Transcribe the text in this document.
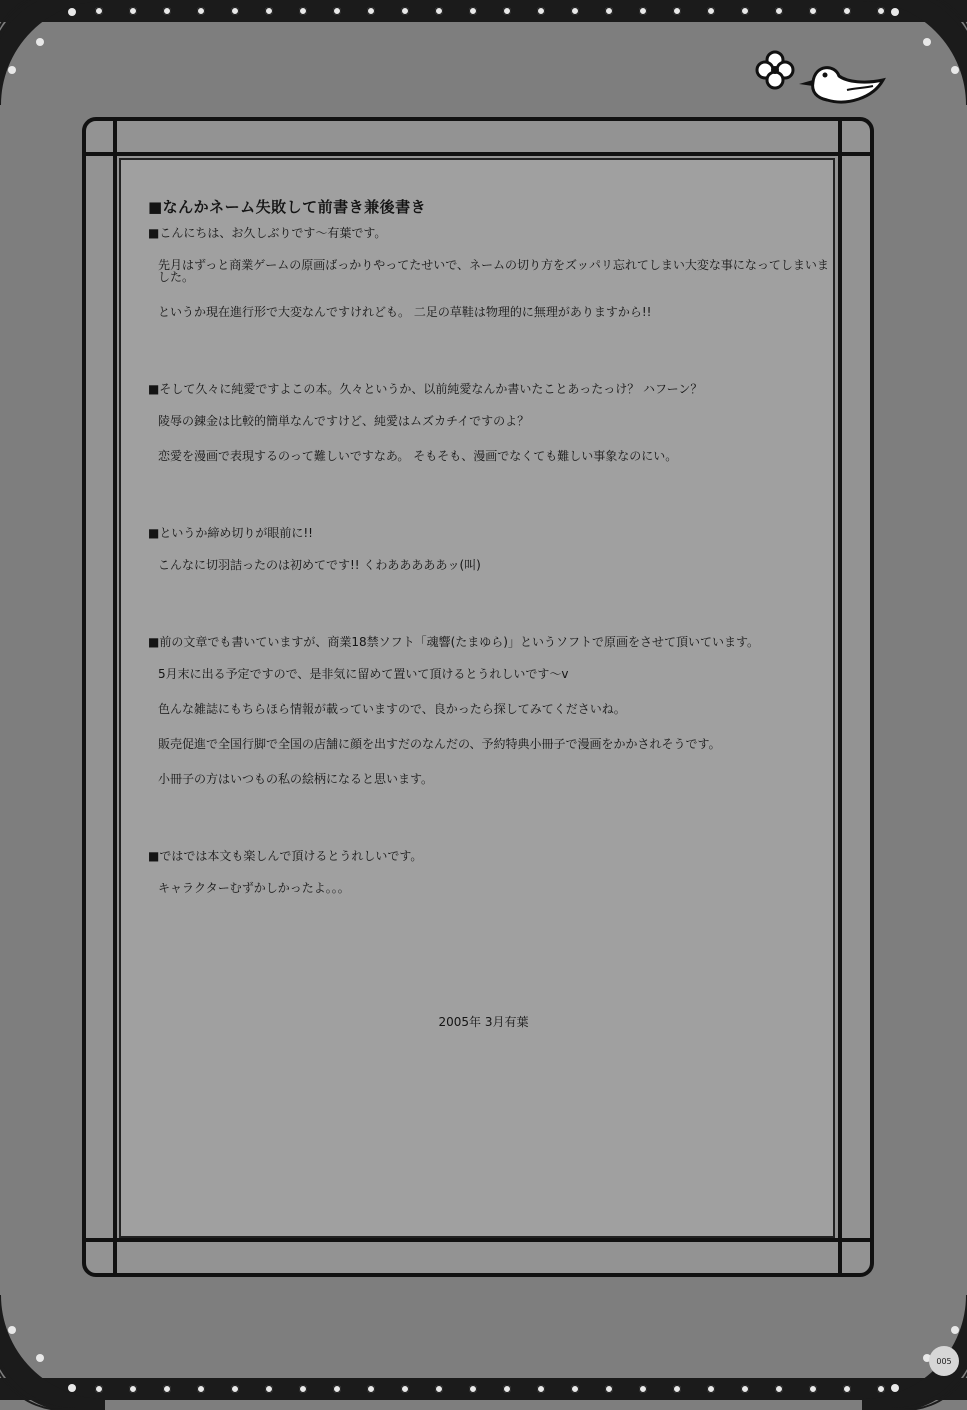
■なんかネーム失敗して前書き兼後書き
■こんにちは、お久しぶりです〜有葉です。
先月はずっと商業ゲームの原画ばっかりやってたせいで、ネームの切り方をズッパリ忘れてしまい大変な事になってしまいました。
というか現在進行形で大変なんですけれども。 二足の草鞋は物理的に無理がありますから!!
■そして久々に純愛ですよこの本。久々というか、以前純愛なんか書いたことあったっけ？ ハフーン？
陵辱の錬金は比較的簡単なんですけど、純愛はムズカチイですのよ？
恋愛を漫画で表現するのって難しいですなあ。 そもそも、漫画でなくても難しい事象なのにい。
■というか締め切りが眼前に!!
こんなに切羽詰ったのは初めてです!! くわあああああッ(叫)
■前の文章でも書いていますが、商業18禁ソフト「魂響(たまゆら)」というソフトで原画をさせて頂いています。
5月末に出る予定ですので、是非気に留めて置いて頂けるとうれしいです〜v
色んな雑誌にもちらほら情報が載っていますので、良かったら探してみてくださいね。
販売促進で全国行脚で全国の店舗に顔を出すだのなんだの、予約特典小冊子で漫画をかかされそうです。
小冊子の方はいつもの私の絵柄になると思います。
■ではでは本文も楽しんで頂けるとうれしいです。
キャラクターむずかしかったよ。。。
2005年 3月有葉
005
